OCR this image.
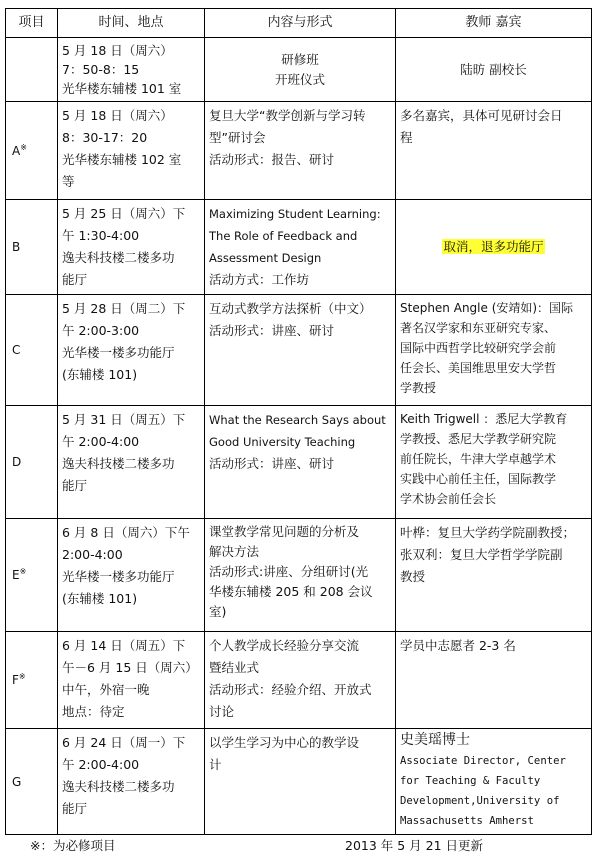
项目	时间、地点	内容与形式	教师 嘉宾

	5 月 18 日（周六）
7：50-8：15
光华楼东辅楼 101 室	研修班
开班仪式	陆昉 副校长
A※	5 月 18 日（周六）
8：30-17：20
光华楼东辅楼 102 室
等	复旦大学“教学创新与学习转
型”研讨会
活动形式：报告、研讨	多名嘉宾，具体可见研讨会日
程

B	5 月 25 日（周六）下
午 1:30-4:00
逸夫科技楼二楼多功
能厅	Maximizing Student Learning:
The Role of Feedback and
Assessment Design
活动方式：工作坊	取消，退多功能厅
C	5 月 28 日（周二）下
午 2:00-3:00
光华楼一楼多功能厅
(东辅楼 101)	互动式教学方法探析（中文）
活动形式：讲座、研讨	Stephen Angle (安靖如)：国际
著名汉学家和东亚研究专家、
国际中西哲学比较研究学会前
任会长、美国维思里安大学哲
学教授

D	5 月 31 日（周五）下
午 2:00-4:00
逸夫科技楼二楼多功
能厅	What the Research Says about
Good University Teaching
活动形式：讲座、研讨	Keith Trigwell ：悉尼大学教育
学教授、悉尼大学教学研究院
前任院长，牛津大学卓越学术
实践中心前任主任，国际教学
学术协会前任会长

E※	6 月 8 日（周六）下午
2:00-4:00
光华楼一楼多功能厅
(东辅楼 101)	课堂教学常见问题的分析及
解决方法
活动形式:讲座、分组研讨(光
华楼东辅楼 205 和 208 会议
室)	叶桦：复旦大学药学院副教授；
张双利：复旦大学哲学学院副
教授

F※	6 月 14 日（周五）下
午－6 月 15 日（周六）
中午，外宿一晚
地点：待定	个人教学成长经验分享交流
暨结业式
活动形式：经验介绍、开放式
讨论	学员中志愿者 2-3 名

G	6 月 24 日（周一）下
午 2:00-4:00
逸夫科技楼二楼多功
能厅	以学生学习为中心的教学设
计	史美瑶博士
Associate Director, Center
for Teaching & Faculty
Development,University of
Massachusetts Amherst
※：为必修项目	2013 年 5 月 21 日更新
